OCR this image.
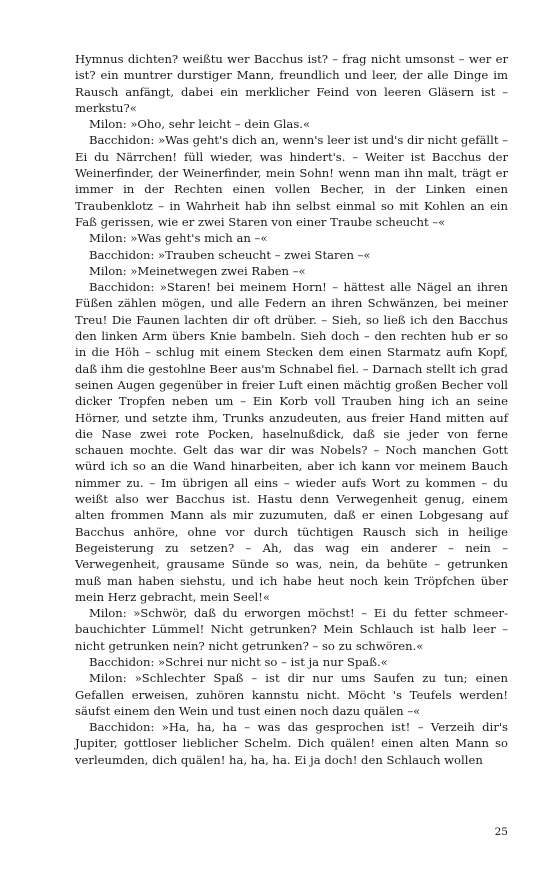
Hymnus dichten? weißtu wer Bacchus ist? – frag nicht umsonst – wer er ist? ein muntrer durstiger Mann, freundlich und leer, der alle Dinge im Rausch anfängt, dabei ein merklicher Feind von leeren Gläsern ist – merkstu?«

Milon: »Oho, sehr leicht – dein Glas.«

Bacchidon: »Was geht's dich an, wenn's leer ist und's dir nicht gefällt – Ei du Närrchen! füll wieder, was hindert's. – Weiter ist Bacchus der Weinerfinder, der Weinerfinder, mein Sohn! wenn man ihn malt, trägt er immer in der Rechten einen vollen Becher, in der Linken einen Traubenklotz – in Wahrheit hab ihn selbst einmal so mit Kohlen an ein Faß gerissen, wie er zwei Staren von einer Traube scheucht –«

Milon: »Was geht's mich an –«

Bacchidon: »Trauben scheucht – zwei Staren –«

Milon: »Meinetwegen zwei Raben –«

Bacchidon: »Staren! bei meinem Horn! – hättest alle Nägel an ihren Füßen zählen mögen, und alle Federn an ihren Schwänzen, bei meiner Treu! Die Faunen lachten dir oft drüber. – Sieh, so ließ ich den Bacchus den linken Arm übers Knie bambeln. Sieh doch – den rechten hub er so in die Höh – schlug mit einem Stecken dem einen Starmatz aufn Kopf, daß ihm die gestohlne Beer aus'm Schnabel fiel. – Darnach stellt ich grad seinen Augen gegenüber in freier Luft einen mächtig großen Becher voll dicker Tropfen neben um – Ein Korb voll Trauben hing ich an seine Hörner, und setzte ihm, Trunks anzudeuten, aus freier Hand mitten auf die Nase zwei rote Pocken, haselnußdick, daß sie jeder von ferne schauen mochte. Gelt das war dir was Nobels? – Noch manchen Gott würd ich so an die Wand hinarbeiten, aber ich kann vor meinem Bauch nimmer zu. – Im übrigen all eins – wieder aufs Wort zu kommen – du weißt also wer Bacchus ist. Hastu denn Verwegenheit genug, einem alten frommen Mann als mir zuzumuten, daß er einen Lobgesang auf Bacchus anhöre, ohne vor durch tüchtigen Rausch sich in heilige Begeisterung zu setzen? – Ah, das wag ein anderer – nein – Verwegenheit, grausame Sünde so was, nein, da behüte – getrunken muß man haben siehstu, und ich habe heut noch kein Tröpfchen über mein Herz gebracht, mein Seel!«

Milon: »Schwör, daß du erworgen möchst! – Ei du fetter schmeerbauchichter Lümmel! Nicht getrunken? Mein Schlauch ist halb leer – nicht getrunken nein? nicht getrunken? – so zu schwören.«

Bacchidon: »Schrei nur nicht so – ist ja nur Spaß.«

Milon: »Schlechter Spaß – ist dir nur ums Saufen zu tun; einen Gefallen erweisen, zuhören kannstu nicht. Möcht 's Teufels werden! säufst einem den Wein und tust einen noch dazu quälen –«

Bacchidon: »Ha, ha, ha – was das gesprochen ist! – Verzeih dir's Jupiter, gottloser lieblicher Schelm. Dich quälen! einen alten Mann so verleumden, dich quälen! ha, ha, ha. Ei ja doch! den Schlauch wollen

25
